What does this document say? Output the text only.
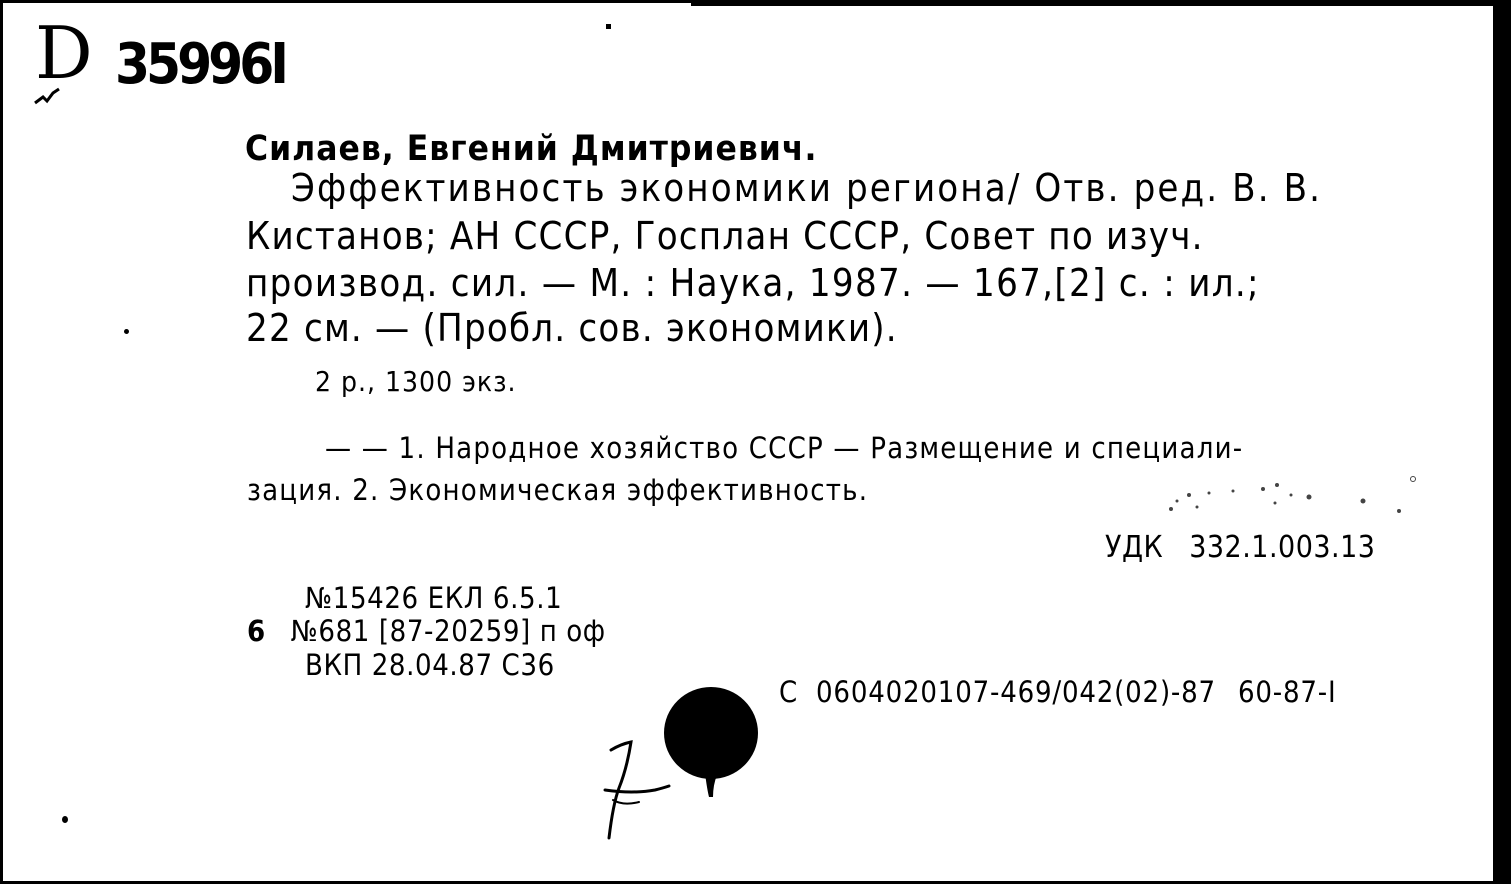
D 35996I
Силаев, Евгений Дмитриевич.
Эффективность экономики региона/ Отв. ред. В. В.
Кистанов; АН СССР, Госплан СССР, Совет по изуч.
производ. сил. — М. : Наука, 1987. — 167,[2] с. : ил.;
22 см. — (Пробл. сов. экономики).
2 р., 1300 экз.
— — 1. Народное хозяйство СССР — Размещение и специали-
зация. 2. Экономическая эффективность.
УДК 332.1.003.13
№15426 ЕКЛ 6.5.1
6 №681 [87-20259] п оф
ВКП 28.04.87 С36
С 0604020107-469/042(02)-87 60-87-I
